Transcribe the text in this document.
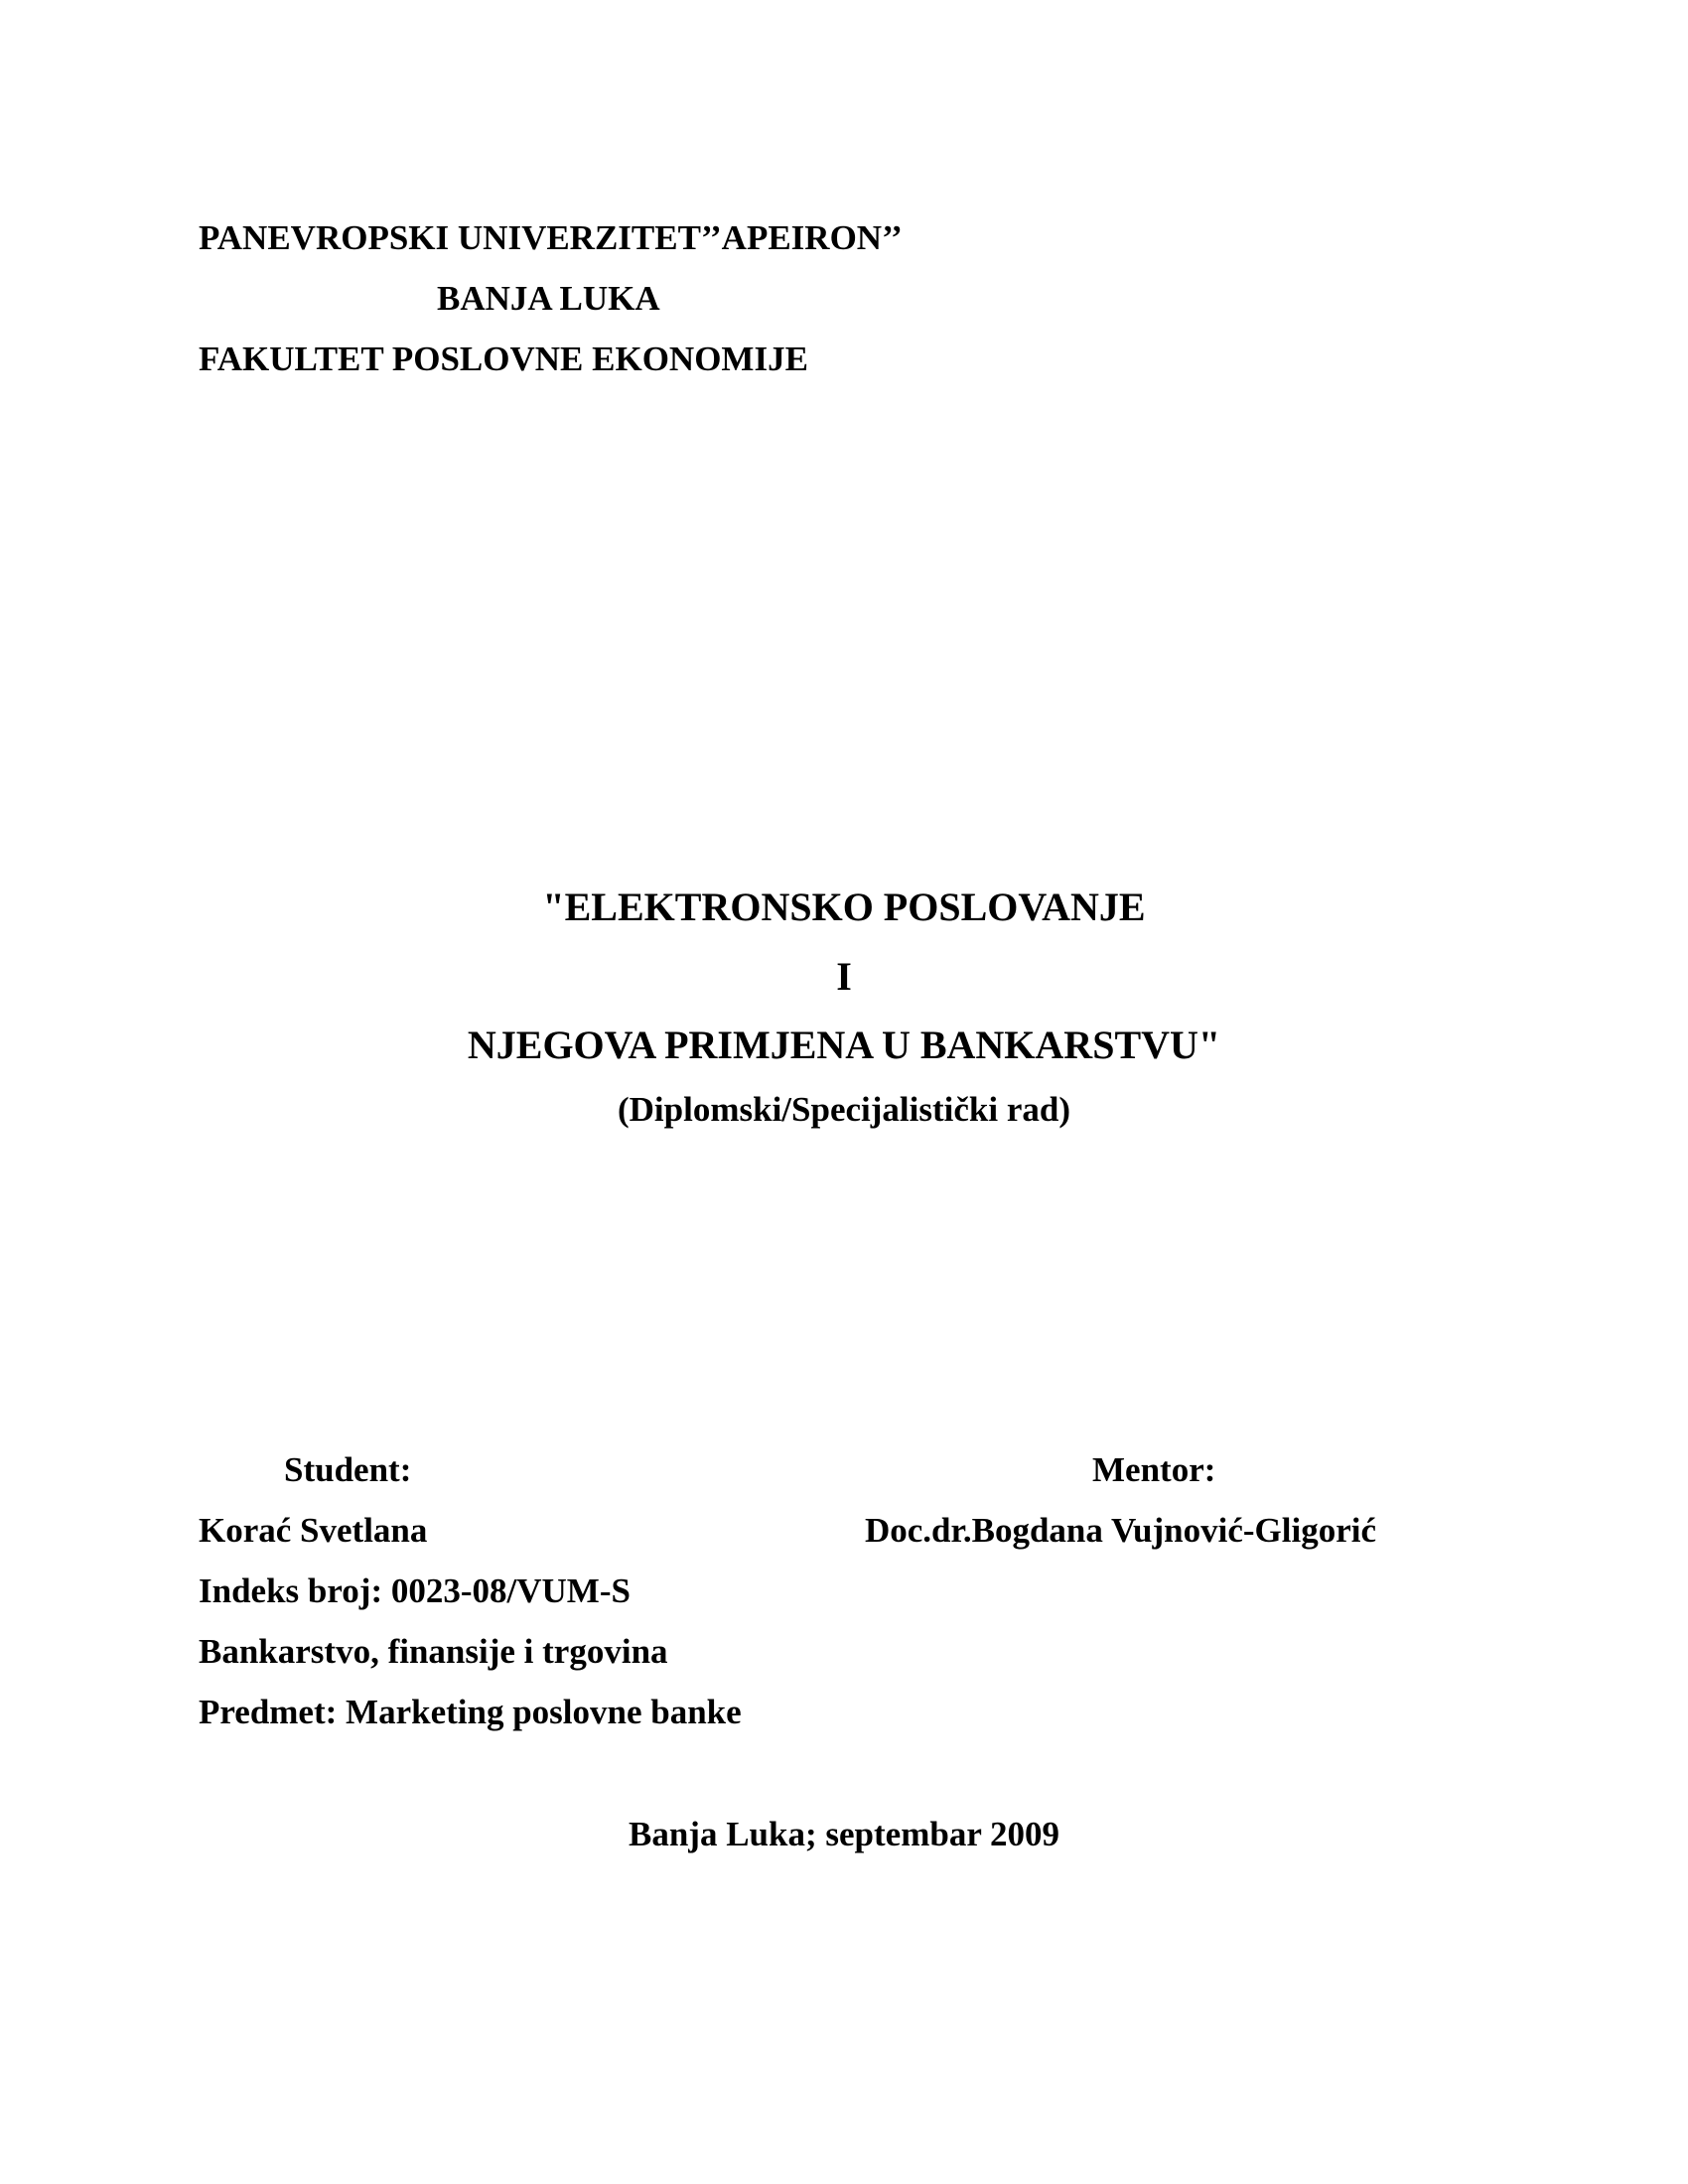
PANEVROPSKI UNIVERZITET’’APEIRON’’
BANJA LUKA
FAKULTET POSLOVNE EKONOMIJE
"ELEKTRONSKO POSLOVANJE
I
NJEGOVA PRIMJENA U BANKARSTVU"
(Diplomski/Specijalistički rad)
Student:
Korać Svetlana
Indeks broj: 0023-08/VUM-S
Bankarstvo, finansije i trgovina
Predmet: Marketing poslovne banke
Mentor:
Doc.dr.Bogdana Vujnović-Gligorić
Banja Luka; septembar 2009
